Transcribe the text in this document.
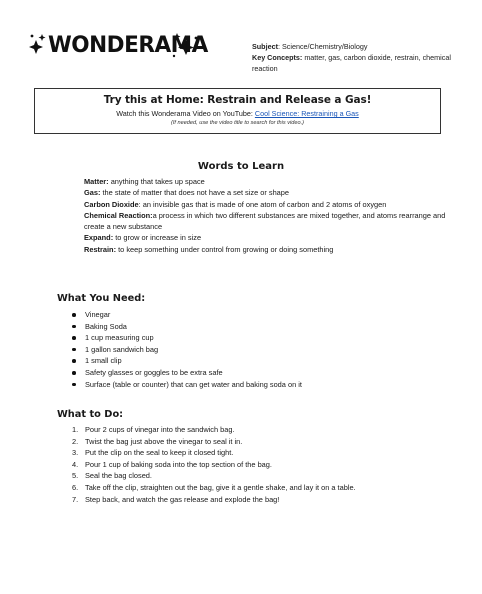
WONDERAMA	Subject: Science/Chemistry/Biology
Key Concepts: matter, gas, carbon dioxide, restrain, chemical reaction
Try this at Home: Restrain and Release a Gas!
Watch this Wonderama Video on YouTube: Cool Science: Restraining a Gas
(If needed, use the video title to search for this video.)
Words to Learn

Matter: anything that takes up space

Gas: the state of matter that does not have a set size or shape

Carbon Dioxide: an invisible gas that is made of one atom of carbon and 2 atoms of oxygen

Chemical Reaction:a process in which two different substances are mixed together, and atoms rearrange and create a new substance

Expand: to grow or increase in size

Restrain: to keep something under control from growing or doing something

What You Need:
Vinegar
Baking Soda
1 cup measuring cup
1 gallon sandwich bag
1 small clip
Safety glasses or goggles to be extra safe
Surface (table or counter) that can get water and baking soda on it
What to Do:
1. Pour 2 cups of vinegar into the sandwich bag.
2. Twist the bag just above the vinegar to seal it in.
3. Put the clip on the seal to keep it closed tight.
4. Pour 1 cup of baking soda into the top section of the bag.
5. Seal the bag closed.
6. Take off the clip, straighten out the bag, give it a gentle shake, and lay it on a table.
7. Step back, and watch the gas release and explode the bag!
